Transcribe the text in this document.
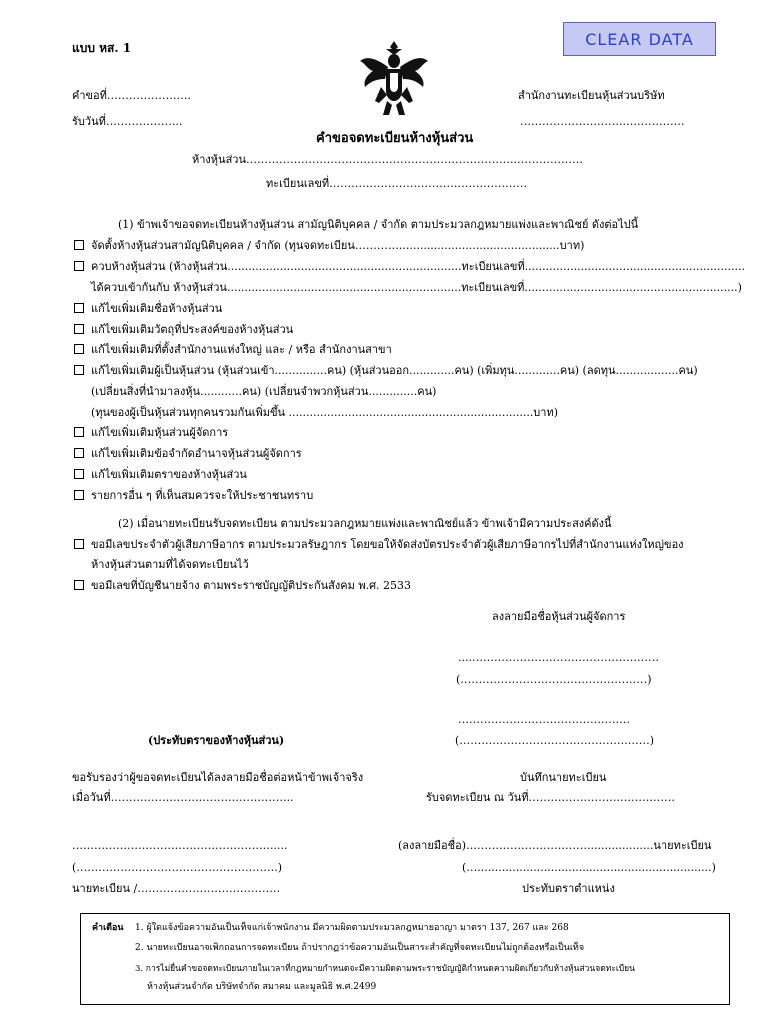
แบบ หส. 1	CLEAR DATA
คำขอที่…………………..	สำนักงานทะเบียนหุ้นส่วนบริษัท
รับวันที่………………...	………………………..…………….
คำขอจดทะเบียนห้างหุ้นส่วน
ห้างหุ้นส่วน………………………………………………………………..………………
ทะเบียนเลขที่………………………………………………
(1) ข้าพเจ้าขอจดทะเบียนห้างหุ้นส่วน สามัญนิติบุคคล / จำกัด ตามประมวลกฎหมายแพ่งและพาณิชย์ ดังต่อไปนี้
จัดตั้งห้างหุ้นส่วนสามัญนิติบุคคล / จำกัด (ทุนจดทะเบียน…………..............................................บาท)
ควบห้างหุ้นส่วน (ห้างหุ้นส่วน...................................................................ทะเบียนเลขที่...............................................................
ได้ควบเข้ากันกับ ห้างหุ้นส่วน...................................................................ทะเบียนเลขที่.............................................................)
แก้ไขเพิ่มเติมชื่อห้างหุ้นส่วน
แก้ไขเพิ่มเติมวัตถุที่ประสงค์ของห้างหุ้นส่วน
แก้ไขเพิ่มเติมที่ตั้งสำนักงานแห่งใหญ่ และ / หรือ สำนักงานสาขา
แก้ไขเพิ่มเติมผู้เป็นหุ้นส่วน (หุ้นส่วนเข้า...............คน) (หุ้นส่วนออก.............คน) (เพิ่มทุน.............คน) (ลดทุน..................คน)
(เปลี่ยนสิ่งที่นำมาลงหุ้น............คน) (เปลี่ยนจำพวกหุ้นส่วน..............คน)
(ทุนของผู้เป็นหุ้นส่วนทุกคนรวมกันเพิ่มขึ้น ......................................................................บาท)
แก้ไขเพิ่มเติมหุ้นส่วนผู้จัดการ
แก้ไขเพิ่มเติมข้อจำกัดอำนาจหุ้นส่วนผู้จัดการ
แก้ไขเพิ่มเติมตราของห้างหุ้นส่วน
รายการอื่น ๆ ที่เห็นสมควรจะให้ประชาชนทราบ
(2) เมื่อนายทะเบียนรับจดทะเบียน ตามประมวลกฎหมายแพ่งและพาณิชย์แล้ว ข้าพเจ้ามีความประสงค์ดังนี้
ขอมีเลขประจำตัวผู้เสียภาษีอากร ตามประมวลรัษฎากร โดยขอให้จัดส่งบัตรประจำตัวผู้เสียภาษีอากรไปที่สำนักงานแห่งใหญ่ของ
ห้างหุ้นส่วนตามที่ได้จดทะเบียนไว้
ขอมีเลขที่บัญชีนายจ้าง ตามพระราชบัญญัติประกันสังคม พ.ศ. 2533
ลงลายมือชื่อหุ้นส่วนผู้จัดการ
....……………………………………………
(……………………………………………)
………………………………….…….
(……………………………………….……)
(ประทับตราของห้างหุ้นส่วน)
ขอรับรองว่าผู้ขอจดทะเบียนได้ลงลายมือชื่อต่อหน้าข้าพเจ้าจริง	บันทึกนายทะเบียน
เมื่อวันที่…………………………………………..	รับจดทะเบียน ณ วันที่…………………….……………
……………………………………………….....	(ลงลายมือชื่อ)……………………………...................นายทะเบียน
(……………………………………………….)	(…...................................................................)
นายทะเบียน /…………………………………	ประทับตราตำแหน่ง
คำเตือน 1. ผู้ใดแจ้งข้อความอันเป็นเท็จแก่เจ้าพนักงาน มีความผิดตามประมวลกฎหมายอาญา มาตรา 137, 267 และ 268
2. นายทะเบียนอาจเพิกถอนการจดทะเบียน ถ้าปรากฏว่าข้อความอันเป็นสาระสำคัญที่จดทะเบียนไม่ถูกต้องหรือเป็นเท็จ
3. การไม่ยื่นคำขอจดทะเบียนภายในเวลาที่กฎหมายกำหนดจะมีความผิดตามพระราชบัญญัติกำหนดความผิดเกี่ยวกับห้างหุ้นส่วนจดทะเบียน
ห้างหุ้นส่วนจำกัด บริษัทจำกัด สมาคม และมูลนิธิ พ.ศ.2499
